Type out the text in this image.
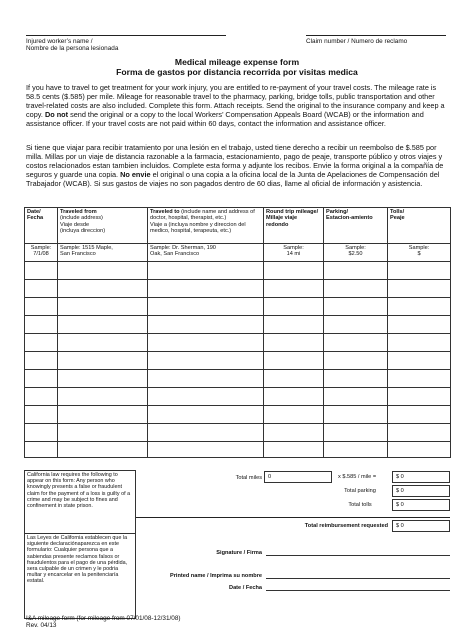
Injured worker’s name /
Nombre de la persona lesionada
Claim number / Numero de reclamo
Medical mileage expense form
Forma de gastos por distancia recorrida por visitas medica
If you have to travel to get treatment for your work injury, you are entitled to re-payment of your travel costs. The mileage rate is 58.5 cents ($.585) per mile. Mileage for reasonable travel to the pharmacy, parking, bridge tolls, public transportation and other travel-related costs are also included. Complete this form. Attach receipts. Send the original to the insurance company and keep a copy. Do not send the original or a copy to the local Workers’ Compensation Appeals Board (WCAB) or the information and assistance officer. If your travel costs are not paid within 60 days, contact the information and assistance officer.
Si tiene que viajar para recibir tratamiento por una lesión en el trabajo, usted tiene derecho a recibir un reembolso de $.585 por milla. Millas por un viaje de distancia razonable a la farmacia, estacionamiento, pago de peaje, transporte público y otros viajes y costos relacionados estan tambien incluidos. Complete esta forma y adjunte los recibos. Envie la forma original a la compañía de seguros y guarde una copia. No envie el original o una copia a la oficina local de la Junta de Apelaciones de Compensación del Trabajador (WCAB). Si sus gastos de viajes no son pagados dentro de 60 dias, llame al oficial de información y asistencia.
Date/
Fecha	Traveled from
(include address)
Viaje desde
(incluya direccion)	Traveled to (include name and address of doctor, hospital, therapist, etc.)
Viaje a (incluya nombre y direccion del medico, hospital, terapeuta, etc.)	Round trip mileage/
Millaje viaje redondo	Parking/
Estacion-amiento	Tolls/
Peaje
Sample:
7/1/08	Sample: 1515 Maple,
San Francisco	Sample: Dr. Sherman, 190
Oak, San Francisco	Sample:
14 mi	Sample:
$2.50	Sample:
$

California law requires the following to appear on this form: Any person who knowingly presents a false or fraudulent claim for the payment of a loss is guilty of a crime and may be subject to fines and confinement in state prison.
Las Leyes de California establecen que la siguiente declaraciónaparezca en este formulario: Cualquier persona que a sabiendas presente reclamos falsos or fraudulentos para el pago de una pérdida, sera culpable de un crimen y le podria multar y encarcelar en la penitenciaría estatal.
Total miles	0	x $.585 / mile =	$ 0
Total parking	$ 0
Total tolls	$ 0
Total reimbursement requested	$ 0
Signature / Firma
Printed name / Imprima su nombre
Date / Fecha
I&A mileage form (for mileage from 07/01/08-12/31/08)
Rev. 04/13
